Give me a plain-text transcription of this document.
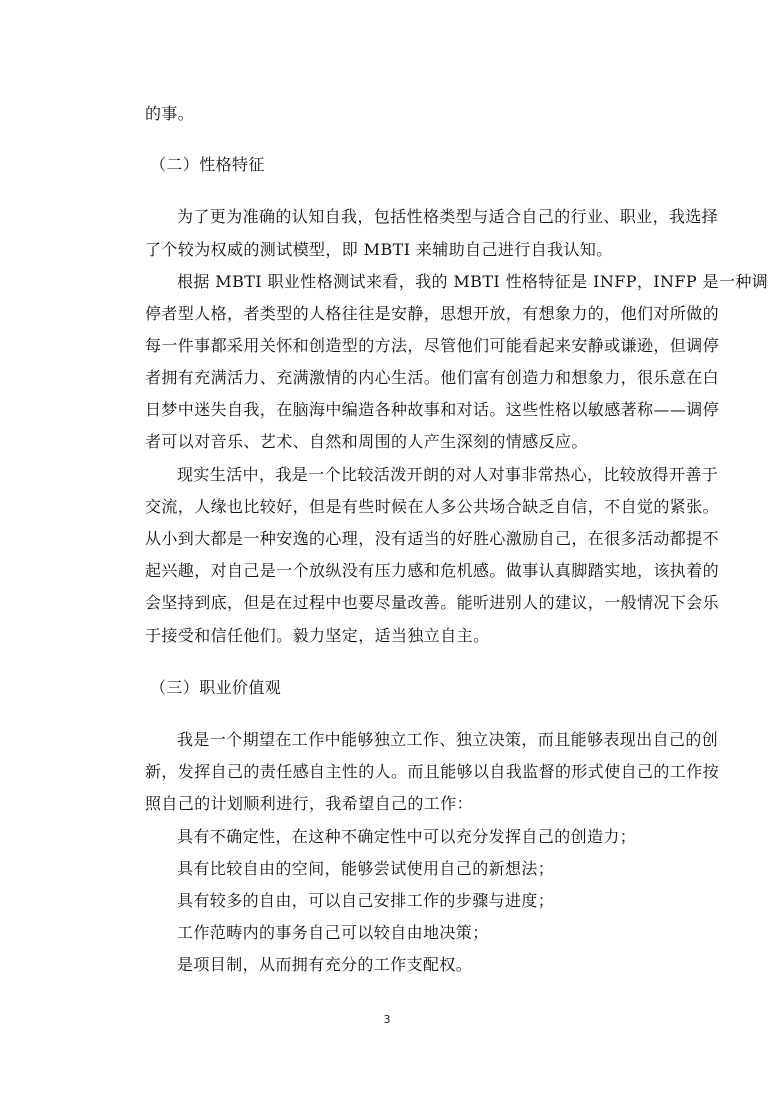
的事。
（二）性格特征
为了更为准确的认知自我，包括性格类型与适合自己的行业、职业，我选择
了个较为权威的测试模型，即 MBTI 来辅助自己进行自我认知。
根据 MBTI 职业性格测试来看，我的 MBTI 性格特征是 INFP，INFP 是一种调
停者型人格，者类型的人格往往是安静，思想开放，有想象力的，他们对所做的
每一件事都采用关怀和创造型的方法，尽管他们可能看起来安静或谦逊，但调停
者拥有充满活力、充满激情的内心生活。他们富有创造力和想象力，很乐意在白
日梦中迷失自我，在脑海中编造各种故事和对话。这些性格以敏感著称——调停
者可以对音乐、艺术、自然和周围的人产生深刻的情感反应。
现实生活中，我是一个比较活泼开朗的对人对事非常热心，比较放得开善于
交流，人缘也比较好，但是有些时候在人多公共场合缺乏自信，不自觉的紧张。
从小到大都是一种安逸的心理，没有适当的好胜心激励自己，在很多活动都提不
起兴趣，对自己是一个放纵没有压力感和危机感。做事认真脚踏实地，该执着的
会坚持到底，但是在过程中也要尽量改善。能听进别人的建议，一般情况下会乐
于接受和信任他们。毅力坚定，适当独立自主。
（三）职业价值观
我是一个期望在工作中能够独立工作、独立决策，而且能够表现出自己的创
新，发挥自己的责任感自主性的人。而且能够以自我监督的形式使自己的工作按
照自己的计划顺利进行，我希望自己的工作：
具有不确定性，在这种不确定性中可以充分发挥自己的创造力；
具有比较自由的空间，能够尝试使用自己的新想法；
具有较多的自由，可以自己安排工作的步骤与进度；
工作范畴内的事务自己可以较自由地决策；
是项目制，从而拥有充分的工作支配权。
3
